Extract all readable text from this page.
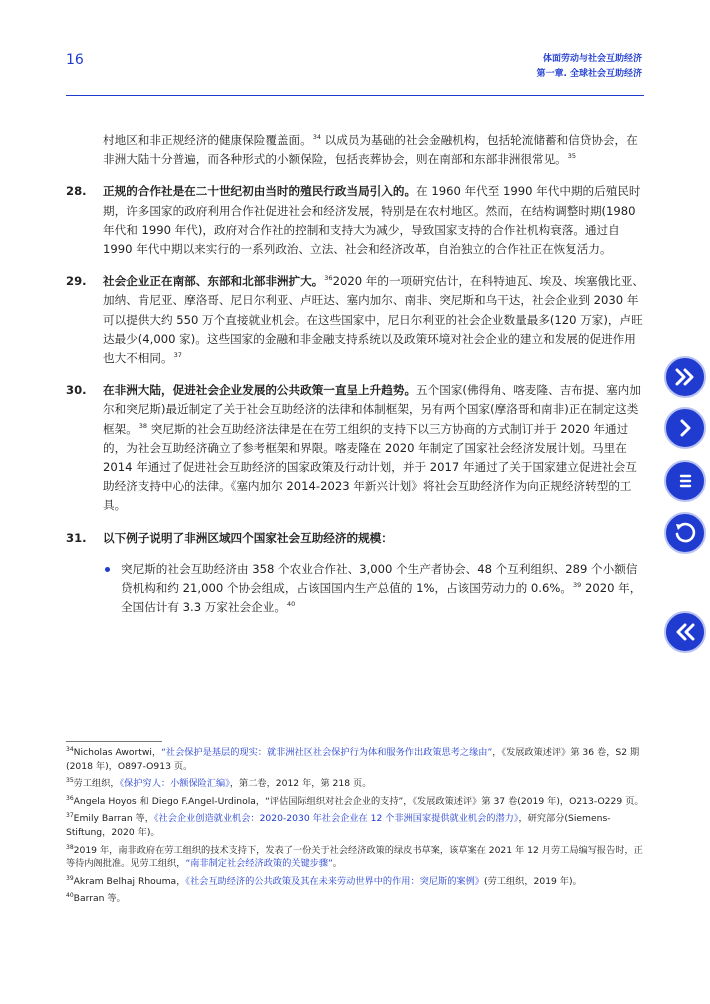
16	体面劳动与社会互助经济
第一章. 全球社会互助经济
村地区和非正规经济的健康保险覆盖面。$^{34}$ 以成员为基础的社会金融机构，包括轮流储蓄和信贷协会，在非洲大陆十分普遍，而各种形式的小额保险，包括丧葬协会，则在南部和东部非洲很常见。$^{35}$
28.	正规的合作社是在二十世纪初由当时的殖民行政当局引入的。在 1960 年代至 1990 年代中期的后殖民时期，许多国家的政府利用合作社促进社会和经济发展，特别是在农村地区。然而，在结构调整时期(1980 年代和 1990 年代)，政府对合作社的控制和支持大为减少，导致国家支持的合作社机构衰落。通过自 1990 年代中期以来实行的一系列政治、立法、社会和经济改革，自治独立的合作社正在恢复活力。
29.	社会企业正在南部、东部和北部非洲扩大。$^{36}$2020 年的一项研究估计，在科特迪瓦、埃及、埃塞俄比亚、加纳、肯尼亚、摩洛哥、尼日尔利亚、卢旺达、塞内加尔、南非、突尼斯和乌干达，社会企业到 2030 年可以提供大约 550 万个直接就业机会。在这些国家中，尼日尔利亚的社会企业数量最多(120 万家)，卢旺达最少(4,000 家)。这些国家的金融和非金融支持系统以及政策环境对社会企业的建立和发展的促进作用也大不相同。$^{37}$
30.	在非洲大陆，促进社会企业发展的公共政策一直呈上升趋势。五个国家(佛得角、喀麦隆、吉布提、塞内加尔和突尼斯)最近制定了关于社会互助经济的法律和体制框架，另有两个国家(摩洛哥和南非)正在制定这类框架。$^{38}$ 突尼斯的社会互助经济法律是在在劳工组织的支持下以三方协商的方式制订并于 2020 年通过的，为社会互助经济确立了参考框架和界限。喀麦隆在 2020 年制定了国家社会经济发展计划。马里在 2014 年通过了促进社会互助经济的国家政策及行动计划，并于 2017 年通过了关于国家建立促进社会互助经济支持中心的法律。《塞内加尔 2014-2023 年新兴计划》将社会互助经济作为向正规经济转型的工具。
31.	以下例子说明了非洲区域四个国家社会互助经济的规模：
突尼斯的社会互助经济由 358 个农业合作社、3,000 个生产者协会、48 个互利组织、289 个小额信贷机构和约 21,000 个协会组成，占该国国内生产总值的 1%，占该国劳动力的 0.6%。$^{39}$ 2020 年，全国估计有 3.3 万家社会企业。$^{40}$
$^{34}$Nicholas Awortwi，“社会保护是基层的现实：就非洲社区社会保护行为体和服务作出政策思考之缘由”，《发展政策述评》第 36 卷，S2 期(2018 年)，O897-O913 页。
$^{35}$劳工组织，《保护穷人：小额保险汇编》，第二卷，2012 年，第 218 页。
$^{36}$Angela Hoyos 和 Diego F.Angel-Urdinola，“评估国际组织对社会企业的支持”，《发展政策述评》第 37 卷(2019 年)，O213-O229 页。
$^{37}$Emily Barran 等，《社会企业创造就业机会：2020-2030 年社会企业在 12 个非洲国家提供就业机会的潜力》，研究部分(Siemens-Stiftung，2020 年)。
$^{38}$2019 年，南非政府在劳工组织的技术支持下，发表了一份关于社会经济政策的绿皮书草案，该草案在 2021 年 12 月劳工局编写报告时，正等待内阁批准。见劳工组织，“南非制定社会经济政策的关键步骤”。
$^{39}$Akram Belhaj Rhouma，《社会互助经济的公共政策及其在未来劳动世界中的作用：突尼斯的案例》(劳工组织，2019 年)。
$^{40}$Barran 等。
